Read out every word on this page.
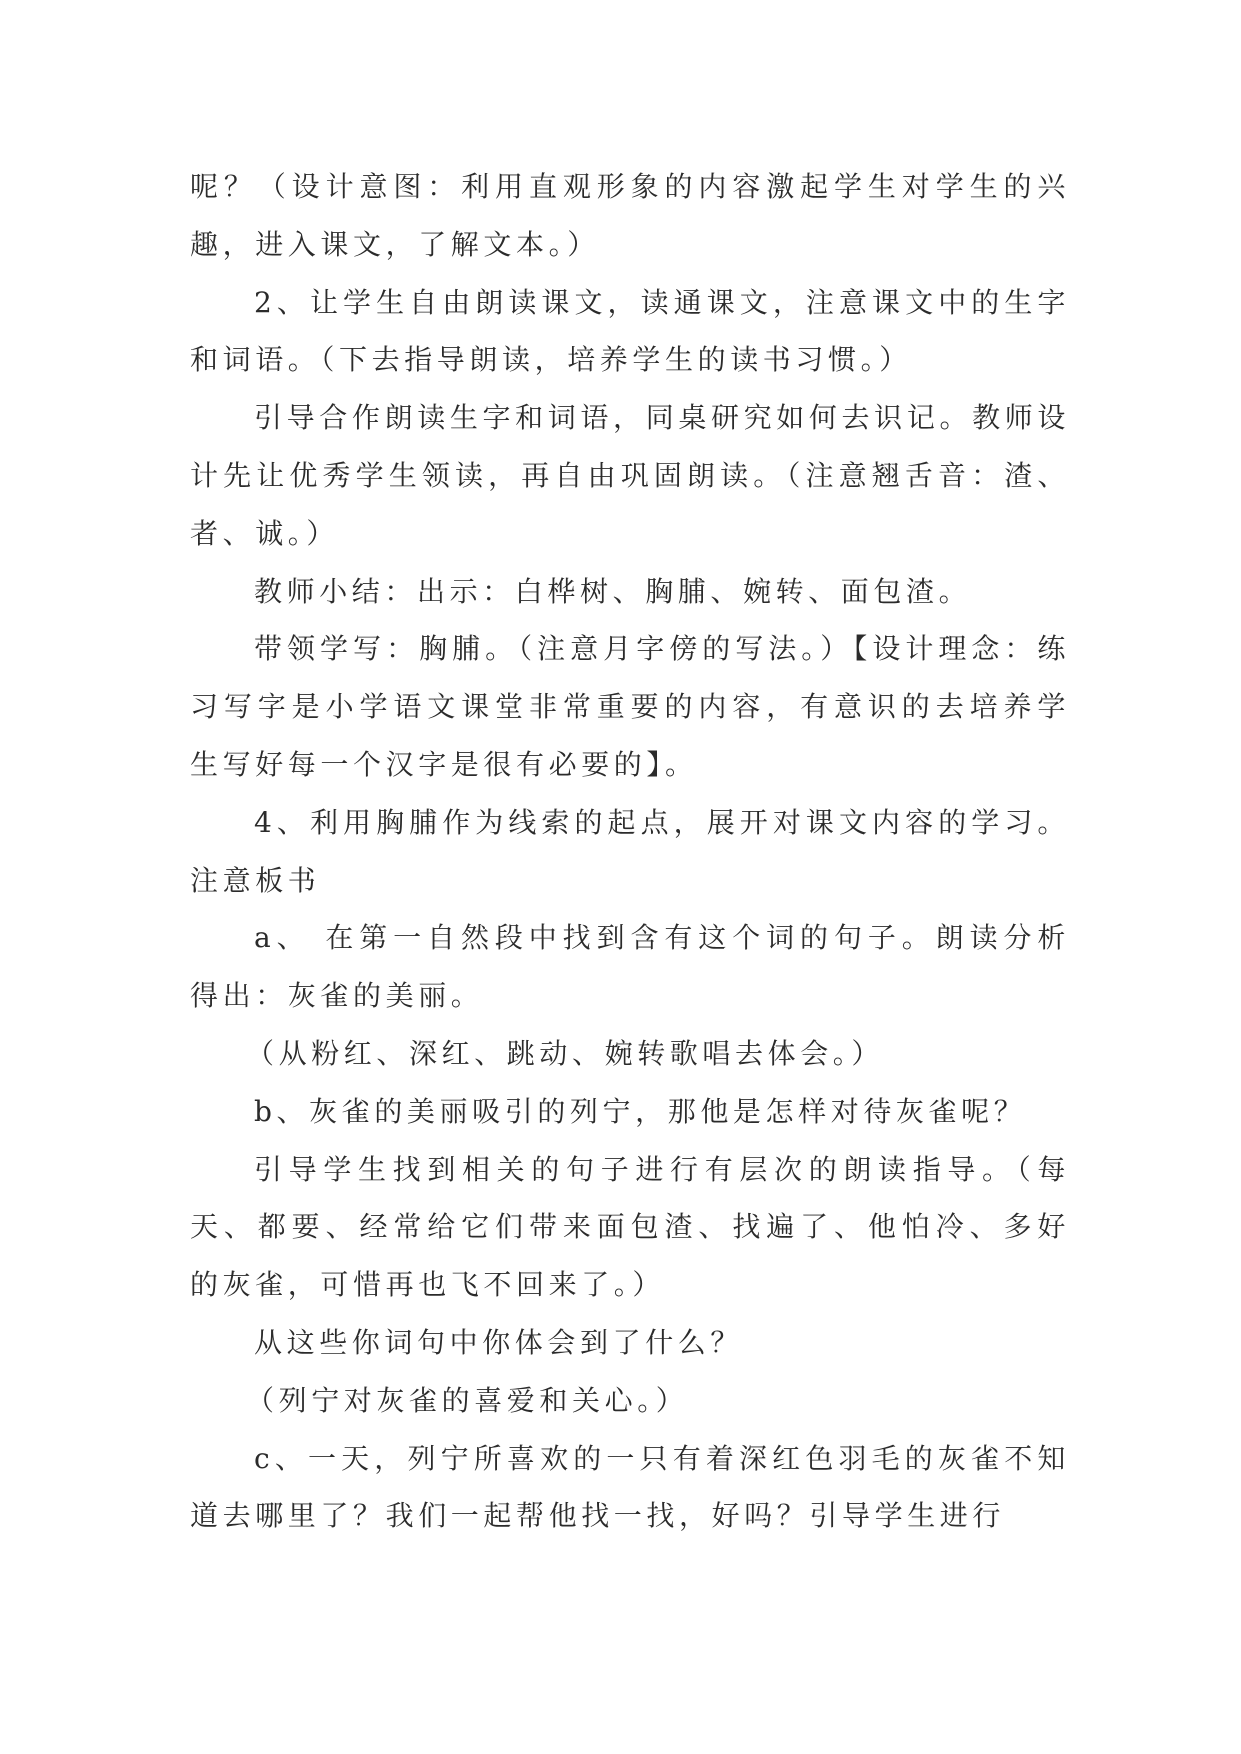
呢？（设计意图：利用直观形象的内容激起学生对学生的兴趣，进入课文，了解文本。）

2、让学生自由朗读课文，读通课文，注意课文中的生字和词语。（下去指导朗读，培养学生的读书习惯。）

引导合作朗读生字和词语，同桌研究如何去识记。教师设计先让优秀学生领读，再自由巩固朗读。（注意翘舌音：渣、者、诚。）

教师小结：出示：白桦树、胸脯、婉转、面包渣。

带领学写：胸脯。（注意月字傍的写法。）【设计理念：练习写字是小学语文课堂非常重要的内容，有意识的去培养学生写好每一个汉字是很有必要的】。

4、利用胸脯作为线索的起点，展开对课文内容的学习。注意板书

a、 在第一自然段中找到含有这个词的句子。朗读分析得出：灰雀的美丽。

（从粉红、深红、跳动、婉转歌唱去体会。）

b、灰雀的美丽吸引的列宁，那他是怎样对待灰雀呢？

引导学生找到相关的句子进行有层次的朗读指导。（每天、都要、经常给它们带来面包渣、找遍了、他怕冷、多好的灰雀，可惜再也飞不回来了。）

从这些你词句中你体会到了什么？

（列宁对灰雀的喜爱和关心。）

c、一天，列宁所喜欢的一只有着深红色羽毛的灰雀不知道去哪里了？我们一起帮他找一找，好吗？引导学生进行
